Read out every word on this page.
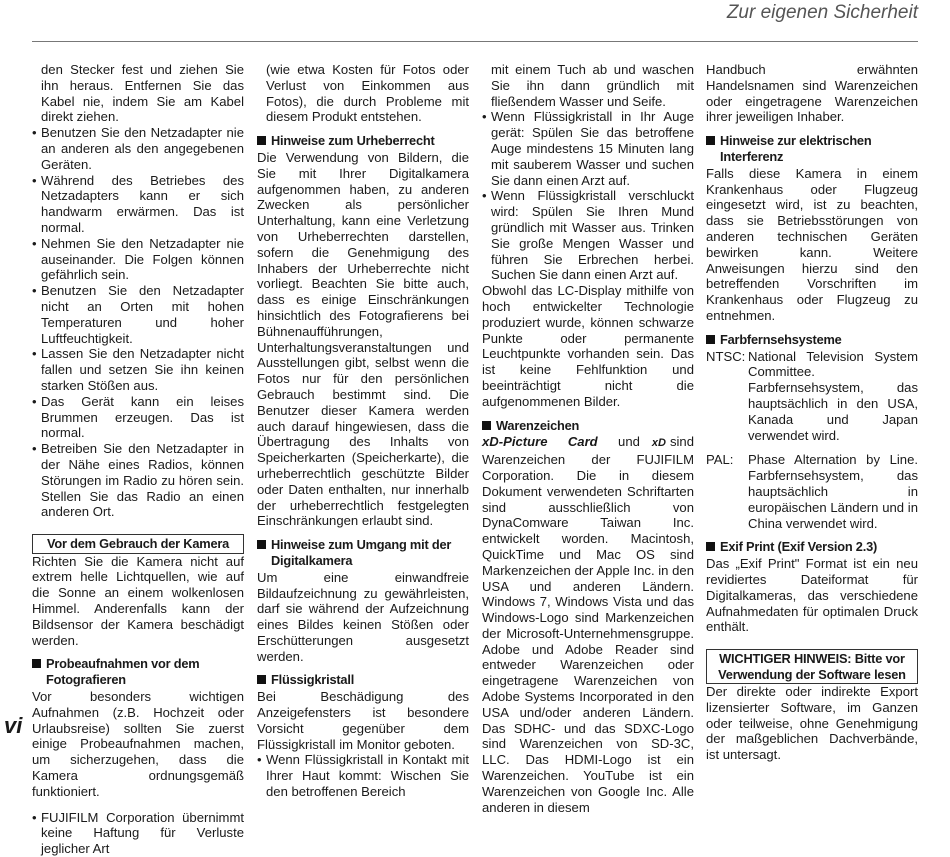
Zur eigenen Sicherheit

den Stecker fest und ziehen Sie ihn heraus. Entfernen Sie das Kabel nie, indem Sie am Kabel direkt ziehen.

• Benutzen Sie den Netzadapter nie an anderen als den angegebenen Geräten.
• Während des Betriebes des Netzadapters kann er sich handwarm erwärmen. Das ist normal.
• Nehmen Sie den Netzadapter nie auseinander. Die Folgen können gefährlich sein.
• Benutzen Sie den Netzadapter nicht an Orten mit hohen Temperaturen und hoher Luftfeuchtigkeit.
• Lassen Sie den Netzadapter nicht fallen und setzen Sie ihn keinen starken Stößen aus.
• Das Gerät kann ein leises Brummen erzeugen. Das ist normal.
• Betreiben Sie den Netzadapter in der Nähe eines Radios, können Störungen im Radio zu hören sein. Stellen Sie das Radio an einen anderen Ort.
Vor dem Gebrauch der Kamera

Richten Sie die Kamera nicht auf extrem helle Lichtquellen, wie auf die Sonne an einem wolkenlosen Himmel. Anderenfalls kann der Bildsensor der Kamera beschädigt werden.

Probeaufnahmen vor dem Fotografieren

Vor besonders wichtigen Aufnahmen (z.B. Hochzeit oder Urlaubsreise) sollten Sie zuerst einige Probeaufnahmen machen, um sicherzugehen, dass die Kamera ordnungsgemäß funktioniert.

• FUJIFILM Corporation übernimmt keine Haftung für Verluste jeglicher Art

(wie etwa Kosten für Fotos oder Verlust von Einkommen aus Fotos), die durch Probleme mit diesem Produkt entstehen.

Hinweise zum Urheberrecht

Die Verwendung von Bildern, die Sie mit Ihrer Digitalkamera aufgenommen haben, zu anderen Zwecken als persönlicher Unterhaltung, kann eine Verletzung von Urheberrechten darstellen, sofern die Genehmigung des Inhabers der Urheberrechte nicht vorliegt. Beachten Sie bitte auch, dass es einige Einschränkungen hinsichtlich des Fotografierens bei Bühnenaufführungen, Unterhaltungsveranstaltungen und Ausstellungen gibt, selbst wenn die Fotos nur für den persönlichen Gebrauch bestimmt sind. Die Benutzer dieser Kamera werden auch darauf hingewiesen, dass die Übertragung des Inhalts von Speicherkarten (Speicherkarte), die urheberrechtlich geschützte Bilder oder Daten enthalten, nur innerhalb der urheberrechtlich festgelegten Einschränkungen erlaubt sind.

Hinweise zum Umgang mit der Digitalkamera

Um eine einwandfreie Bildaufzeichnung zu gewährleisten, darf sie während der Aufzeichnung eines Bildes keinen Stößen oder Erschütterungen ausgesetzt werden.

Flüssigkristall

Bei Beschädigung des Anzeigefensters ist besondere Vorsicht gegenüber dem Flüssigkristall im Monitor geboten.

• Wenn Flüssigkristall in Kontakt mit Ihrer Haut kommt: Wischen Sie den betroffenen Bereich

mit einem Tuch ab und waschen Sie ihn dann gründlich mit fließendem Wasser und Seife.

• Wenn Flüssigkristall in Ihr Auge gerät: Spülen Sie das betroffene Auge mindestens 15 Minuten lang mit sauberem Wasser und suchen Sie dann einen Arzt auf.
• Wenn Flüssigkristall verschluckt wird: Spülen Sie Ihren Mund gründlich mit Wasser aus. Trinken Sie große Mengen Wasser und führen Sie Erbrechen herbei. Suchen Sie dann einen Arzt auf.

Obwohl das LC-Display mithilfe von hoch entwickelter Technologie produziert wurde, können schwarze Punkte oder permanente Leuchtpunkte vorhanden sein. Das ist keine Fehlfunktion und beeinträchtigt nicht die aufgenommenen Bilder.

Warenzeichen

xD-Picture Card und xD sind Warenzeichen der FUJIFILM Corporation. Die in diesem Dokument verwendeten Schriftarten sind ausschließlich von DynaComware Taiwan Inc. entwickelt worden. Macintosh, QuickTime und Mac OS sind Markenzeichen der Apple Inc. in den USA und anderen Ländern. Windows 7, Windows Vista und das Windows-Logo sind Markenzeichen der Microsoft-Unternehmensgruppe. Adobe und Adobe Reader sind entweder Warenzeichen oder eingetragene Warenzeichen von Adobe Systems Incorporated in den USA und/oder anderen Ländern. Das SDHC- und das SDXC-Logo sind Warenzeichen von SD-3C, LLC. Das HDMI-Logo ist ein Warenzeichen. YouTube ist ein Warenzeichen von Google Inc. Alle anderen in diesem

Handbuch erwähnten Handelsnamen sind Warenzeichen oder eingetragene Warenzeichen ihrer jeweiligen Inhaber.

Hinweise zur elektrischen Interferenz

Falls diese Kamera in einem Krankenhaus oder Flugzeug eingesetzt wird, ist zu beachten, dass sie Betriebsstörungen von anderen technischen Geräten bewirken kann. Weitere Anweisungen hierzu sind den betreffenden Vorschriften im Krankenhaus oder Flugzeug zu entnehmen.

Farbfernsehsysteme
NTSC: National Television System Committee. Farbfernsehsystem, das hauptsächlich in den USA, Kanada und Japan verwendet wird.
PAL:	Phase Alternation by Line. Farbfernsehsystem, das hauptsächlich in europäischen Ländern und in China verwendet wird.
Exif Print (Exif Version 2.3)

Das „Exif Print" Format ist ein neu revidiertes Dateiformat für Digitalkameras, das verschiedene Aufnahmedaten für optimalen Druck enthält.

WICHTIGER HINWEIS: Bitte vor Verwendung der Software lesen

Der direkte oder indirekte Export lizensierter Software, im Ganzen oder teilweise, ohne Genehmigung der maßgeblichen Dachverbände, ist untersagt.

vi
